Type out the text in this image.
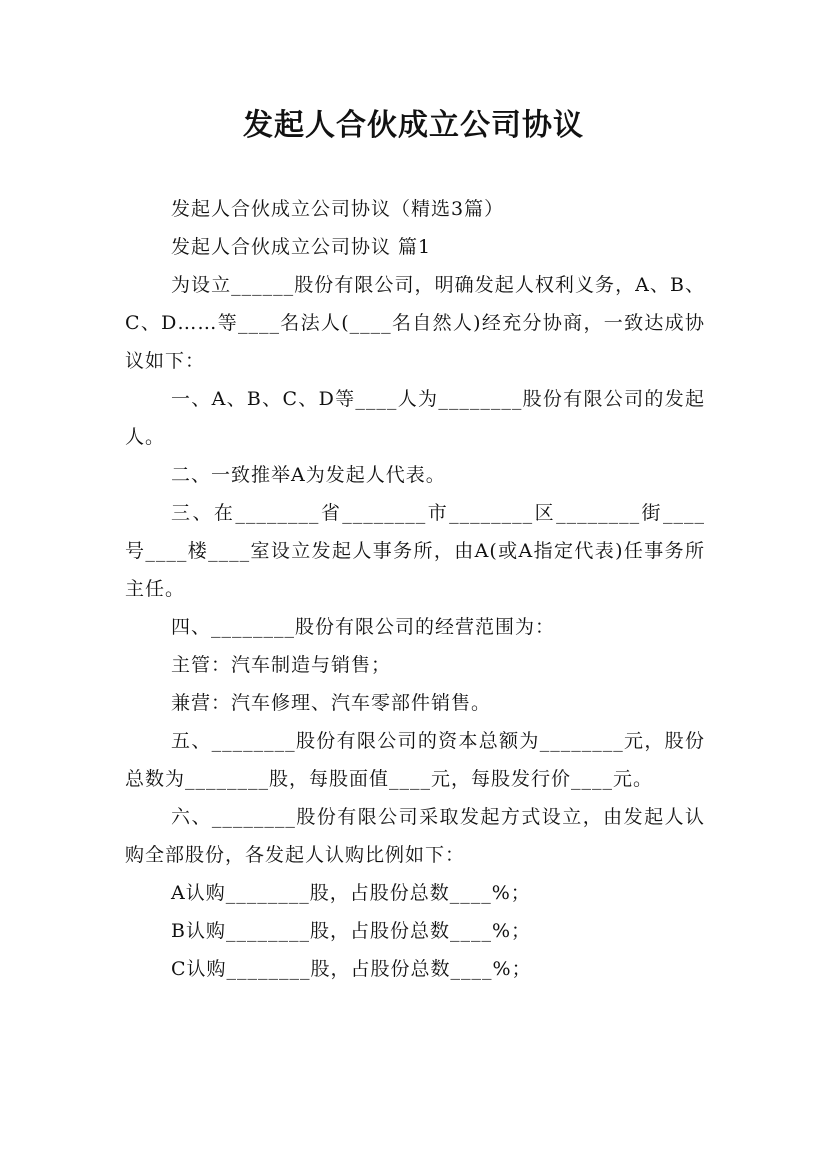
发起人合伙成立公司协议

发起人合伙成立公司协议（精选3篇）

发起人合伙成立公司协议 篇1

为设立______股份有限公司，明确发起人权利义务，A、B、C、D……等____名法人(____名自然人)经充分协商，一致达成协议如下：

一、A、B、C、D等____人为________股份有限公司的发起人。

二、一致推举A为发起人代表。

三、在________省________市________区________街____号____楼____室设立发起人事务所，由A(或A指定代表)任事务所主任。

四、________股份有限公司的经营范围为：

主管：汽车制造与销售；

兼营：汽车修理、汽车零部件销售。

五、________股份有限公司的资本总额为________元，股份总数为________股，每股面值____元，每股发行价____元。

六、________股份有限公司采取发起方式设立，由发起人认购全部股份，各发起人认购比例如下：

A认购________股，占股份总数____%；

B认购________股，占股份总数____%；

C认购________股，占股份总数____%；
